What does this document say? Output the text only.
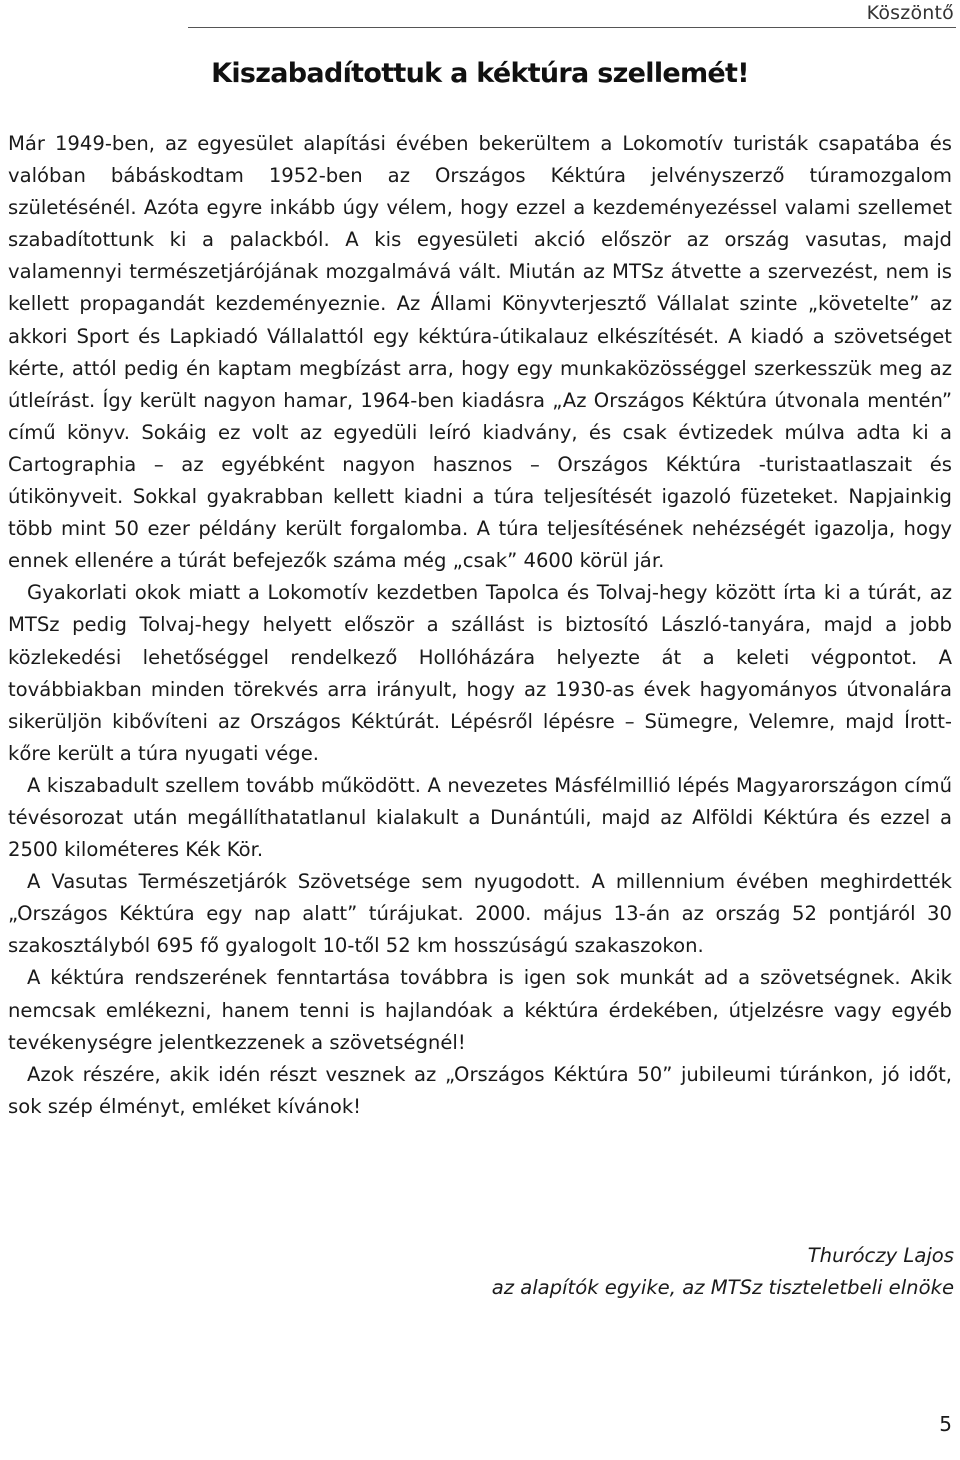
Köszöntő
Kiszabadítottuk a kéktúra szellemét!

Már 1949-ben, az egyesület alapítási évében bekerültem a Lokomotív turisták csapatába és valóban bábáskodtam 1952-ben az Országos Kéktúra jelvényszerző túramozgalom születésénél. Azóta egyre inkább úgy vélem, hogy ezzel a kezdeményezéssel valami szellemet szabadítottunk ki a palackból. A kis egyesületi akció először az ország vasutas, majd valamennyi természetjárójának mozgalmává vált. Miután az MTSz átvette a szervezést, nem is kellett propagandát kezdeményeznie. Az Állami Könyvterjesztő Vállalat szinte „követelte” az akkori Sport és Lapkiadó Vállalattól egy kéktúra-útikalauz elkészítését. A kiadó a szövetséget kérte, attól pedig én kaptam megbízást arra, hogy egy munkaközösséggel szerkesszük meg az útleírást. Így került nagyon hamar, 1964-ben kiadásra „Az Országos Kéktúra útvonala mentén” című könyv. Sokáig ez volt az egyedüli leíró kiadvány, és csak évtizedek múlva adta ki a Cartographia – az egyébként nagyon hasznos – Országos Kéktúra -turistaatlaszait és útikönyveit. Sokkal gyakrabban kellett kiadni a túra teljesítését igazoló füzeteket. Napjainkig több mint 50 ezer példány került forgalomba. A túra teljesítésének nehézségét igazolja, hogy ennek ellenére a túrát befejezők száma még „csak” 4600 körül jár.

Gyakorlati okok miatt a Lokomotív kezdetben Tapolca és Tolvaj-hegy között írta ki a túrát, az MTSz pedig Tolvaj-hegy helyett először a szállást is biztosító László-tanyára, majd a jobb közlekedési lehetőséggel rendelkező Hollóházára helyezte át a keleti végpontot. A továbbiakban minden törekvés arra irányult, hogy az 1930-as évek hagyományos útvonalára sikerüljön kibővíteni az Országos Kéktúrát. Lépésről lépésre – Sümegre, Velemre, majd Írott-kőre került a túra nyugati vége.

A kiszabadult szellem tovább működött. A nevezetes Másfélmillió lépés Magyarországon című tévésorozat után megállíthatatlanul kialakult a Dunántúli, majd az Alföldi Kéktúra és ezzel a 2500 kilométeres Kék Kör.

A Vasutas Természetjárók Szövetsége sem nyugodott. A millennium évében meghirdették „Országos Kéktúra egy nap alatt” túrájukat. 2000. május 13-án az ország 52 pontjáról 30 szakosztályból 695 fő gyalogolt 10-től 52 km hosszúságú szakaszokon.

A kéktúra rendszerének fenntartása továbbra is igen sok munkát ad a szövetségnek. Akik nemcsak emlékezni, hanem tenni is hajlandóak a kéktúra érdekében, útjelzésre vagy egyéb tevékenységre jelentkezzenek a szövetségnél!

Azok részére, akik idén részt vesznek az „Országos Kéktúra 50” jubileumi túránkon, jó időt, sok szép élményt, emléket kívánok!

Thuróczy Lajos
az alapítók egyike, az MTSz tiszteletbeli elnöke
5
